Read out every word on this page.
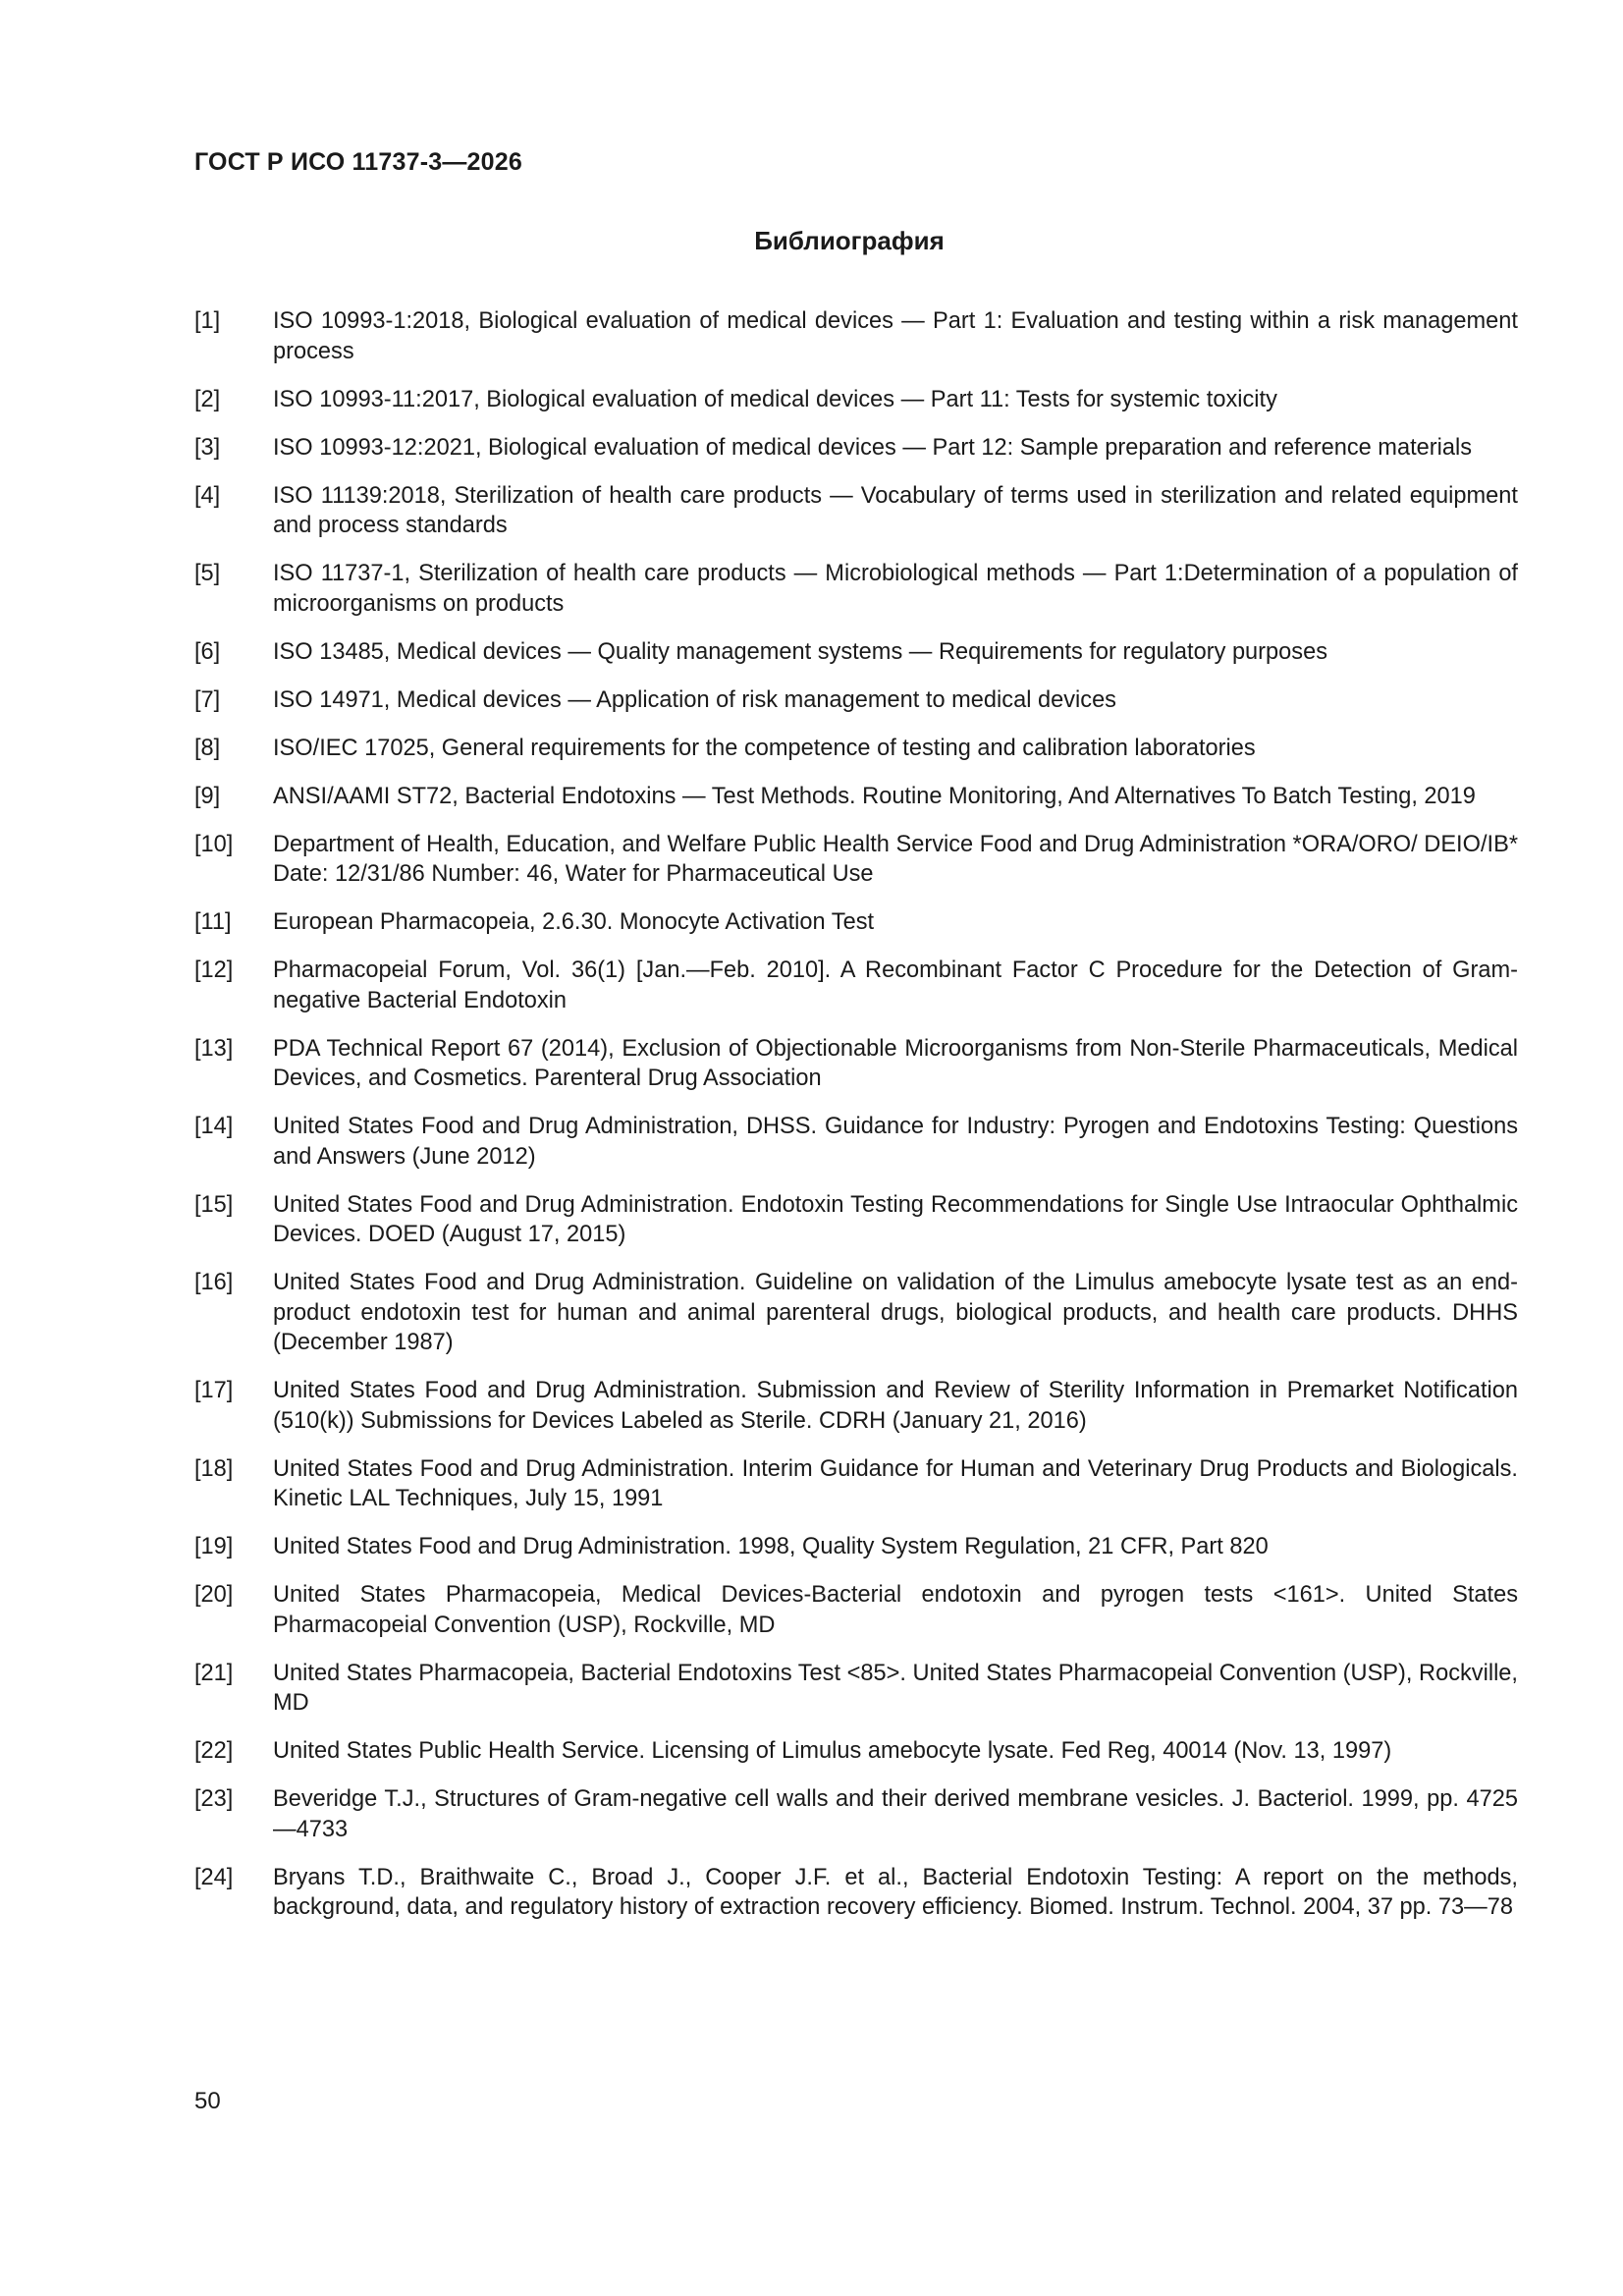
ГОСТ Р ИСО 11737-3—2026
Библиография
[1]	ISO 10993-1:2018, Biological evaluation of medical devices — Part 1: Evaluation and testing within a risk management process
[2]	ISO 10993-11:2017, Biological evaluation of medical devices — Part 11: Tests for systemic toxicity
[3]	ISO 10993-12:2021, Biological evaluation of medical devices — Part 12: Sample preparation and reference materials
[4]	ISO 11139:2018, Sterilization of health care products — Vocabulary of terms used in sterilization and related equipment and process standards
[5]	ISO 11737-1, Sterilization of health care products — Microbiological methods — Part 1:Determination of a population of microorganisms on products
[6]	ISO 13485, Medical devices — Quality management systems — Requirements for regulatory purposes
[7]	ISO 14971, Medical devices — Application of risk management to medical devices
[8]	ISO/IEC 17025, General requirements for the competence of testing and calibration laboratories
[9]	ANSI/AAMI ST72, Bacterial Endotoxins — Test Methods. Routine Monitoring, And Alternatives To Batch Testing, 2019
[10]	Department of Health, Education, and Welfare Public Health Service Food and Drug Administration *ORA/ORO/ DEIO/IB* Date: 12/31/86 Number: 46, Water for Pharmaceutical Use
[11]	European Pharmacopeia, 2.6.30. Monocyte Activation Test
[12]	Pharmacopeial Forum, Vol. 36(1) [Jan.—Feb. 2010]. A Recombinant Factor C Procedure for the Detection of Gram-negative Bacterial Endotoxin
[13]	PDA Technical Report 67 (2014), Exclusion of Objectionable Microorganisms from Non-Sterile Pharmaceuticals, Medical Devices, and Cosmetics. Parenteral Drug Association
[14]	United States Food and Drug Administration, DHSS. Guidance for Industry: Pyrogen and Endotoxins Testing: Questions and Answers (June 2012)
[15]	United States Food and Drug Administration. Endotoxin Testing Recommendations for Single Use Intraocular Ophthalmic Devices. DOED (August 17, 2015)
[16]	United States Food and Drug Administration. Guideline on validation of the Limulus amebocyte lysate test as an end-product endotoxin test for human and animal parenteral drugs, biological products, and health care products. DHHS (December 1987)
[17]	United States Food and Drug Administration. Submission and Review of Sterility Information in Premarket Notification (510(k)) Submissions for Devices Labeled as Sterile. CDRH (January 21, 2016)
[18]	United States Food and Drug Administration. Interim Guidance for Human and Veterinary Drug Products and Biologicals. Kinetic LAL Techniques, July 15, 1991
[19]	United States Food and Drug Administration. 1998, Quality System Regulation, 21 CFR, Part 820
[20]	United States Pharmacopeia, Medical Devices-Bacterial endotoxin and pyrogen tests <161>. United States Pharmacopeial Convention (USP), Rockville, MD
[21]	United States Pharmacopeia, Bacterial Endotoxins Test <85>. United States Pharmacopeial Convention (USP), Rockville, MD
[22]	United States Public Health Service. Licensing of Limulus amebocyte lysate. Fed Reg, 40014 (Nov. 13, 1997)
[23]	Beveridge T.J., Structures of Gram-negative cell walls and their derived membrane vesicles. J. Bacteriol. 1999, pp. 4725—4733
[24]	Bryans T.D., Braithwaite C., Broad J., Cooper J.F. et al., Bacterial Endotoxin Testing: A report on the methods, background, data, and regulatory history of extraction recovery efficiency. Biomed. Instrum. Technol. 2004, 37 pp. 73—78
50
